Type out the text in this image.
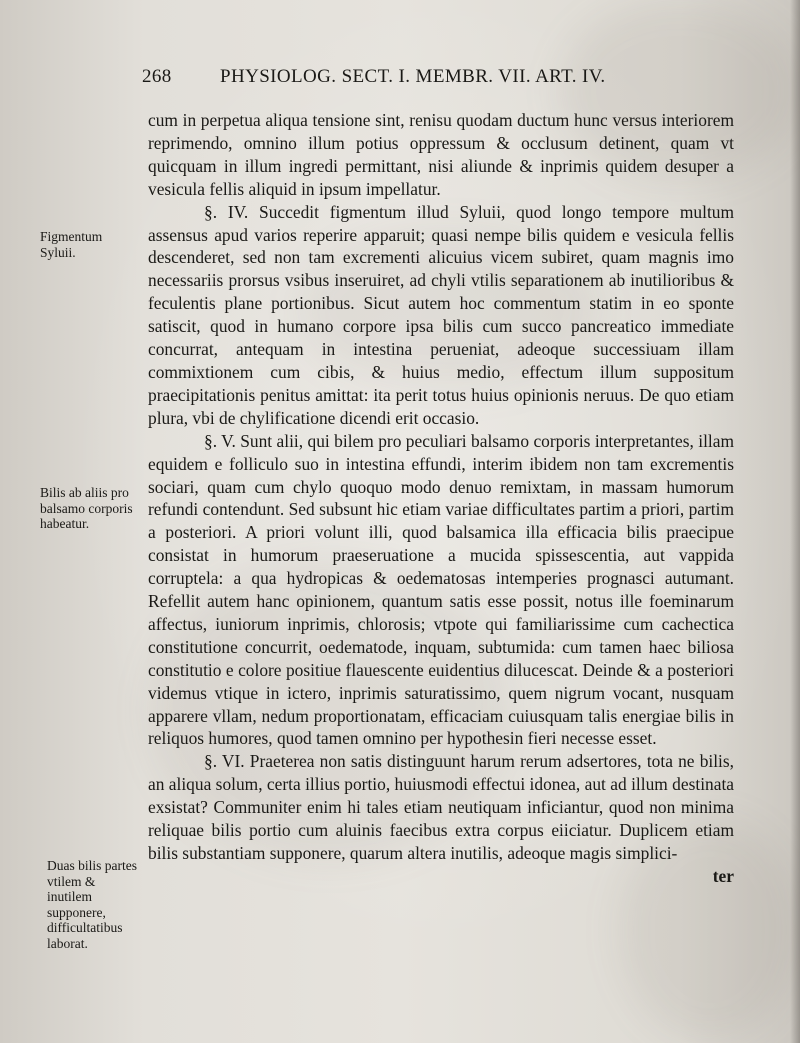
268	PHYSIOLOG. SECT. I. MEMBR. VII. ART. IV.
Figmentum Syluii.
Bilis ab aliis pro balsamo corporis habeatur.
Duas bilis partes vtilem & inutilem supponere, difficultatibus laborat.

cum in perpetua aliqua tensione sint, renisu quodam ductum hunc versus interiorem reprimendo, omnino illum potius oppressum & occlusum detinent, quam vt quicquam in illum ingredi permittant, nisi aliunde & inprimis quidem desuper a vesicula fellis aliquid in ipsum impellatur.

§. IV. Succedit figmentum illud Syluii, quod longo tempore multum assensus apud varios reperire apparuit; quasi nempe bilis quidem e vesicula fellis descenderet, sed non tam excrementi alicuius vicem subiret, quam magnis imo necessariis prorsus vsibus inseruiret, ad chyli vtilis separationem ab inutilioribus & feculentis plane portionibus. Sicut autem hoc commentum statim in eo sponte satiscit, quod in humano corpore ipsa bilis cum succo pancreatico immediate concurrat, antequam in intestina perueniat, adeoque successiuam illam commixtionem cum cibis, & huius medio, effectum illum suppositum praecipitationis penitus amittat: ita perit totus huius opinionis neruus. De quo etiam plura, vbi de chylificatione dicendi erit occasio.

§. V. Sunt alii, qui bilem pro peculiari balsamo corporis interpretantes, illam equidem e folliculo suo in intestina effundi, interim ibidem non tam excrementis sociari, quam cum chylo quoquo modo denuo remixtam, in massam humorum refundi contendunt. Sed subsunt hic etiam variae difficultates partim a priori, partim a posteriori. A priori volunt illi, quod balsamica illa efficacia bilis praecipue consistat in humorum praeseruatione a mucida spissescentia, aut vappida corruptela: a qua hydropicas & oedematosas intemperies prognasci autumant. Refellit autem hanc opinionem, quantum satis esse possit, notus ille foeminarum affectus, iuniorum inprimis, chlorosis; vtpote qui familiarissime cum cachectica constitutione concurrit, oedematode, inquam, subtumida: cum tamen haec biliosa constitutio e colore positiue flauescente euidentius dilucescat. Deinde & a posteriori videmus vtique in ictero, inprimis saturatissimo, quem nigrum vocant, nusquam apparere vllam, nedum proportionatam, efficaciam cuiusquam talis energiae bilis in reliquos humores, quod tamen omnino per hypothesin fieri necesse esset.

§. VI. Praeterea non satis distinguunt harum rerum adsertores, tota ne bilis, an aliqua solum, certa illius portio, huiusmodi effectui idonea, aut ad illum destinata exsistat? Communiter enim hi tales etiam neutiquam inficiantur, quod non minima reliquae bilis portio cum aluinis faecibus extra corpus eiiciatur. Duplicem etiam bilis substantiam supponere, quarum altera inutilis, adeoque magis simplici-

ter
